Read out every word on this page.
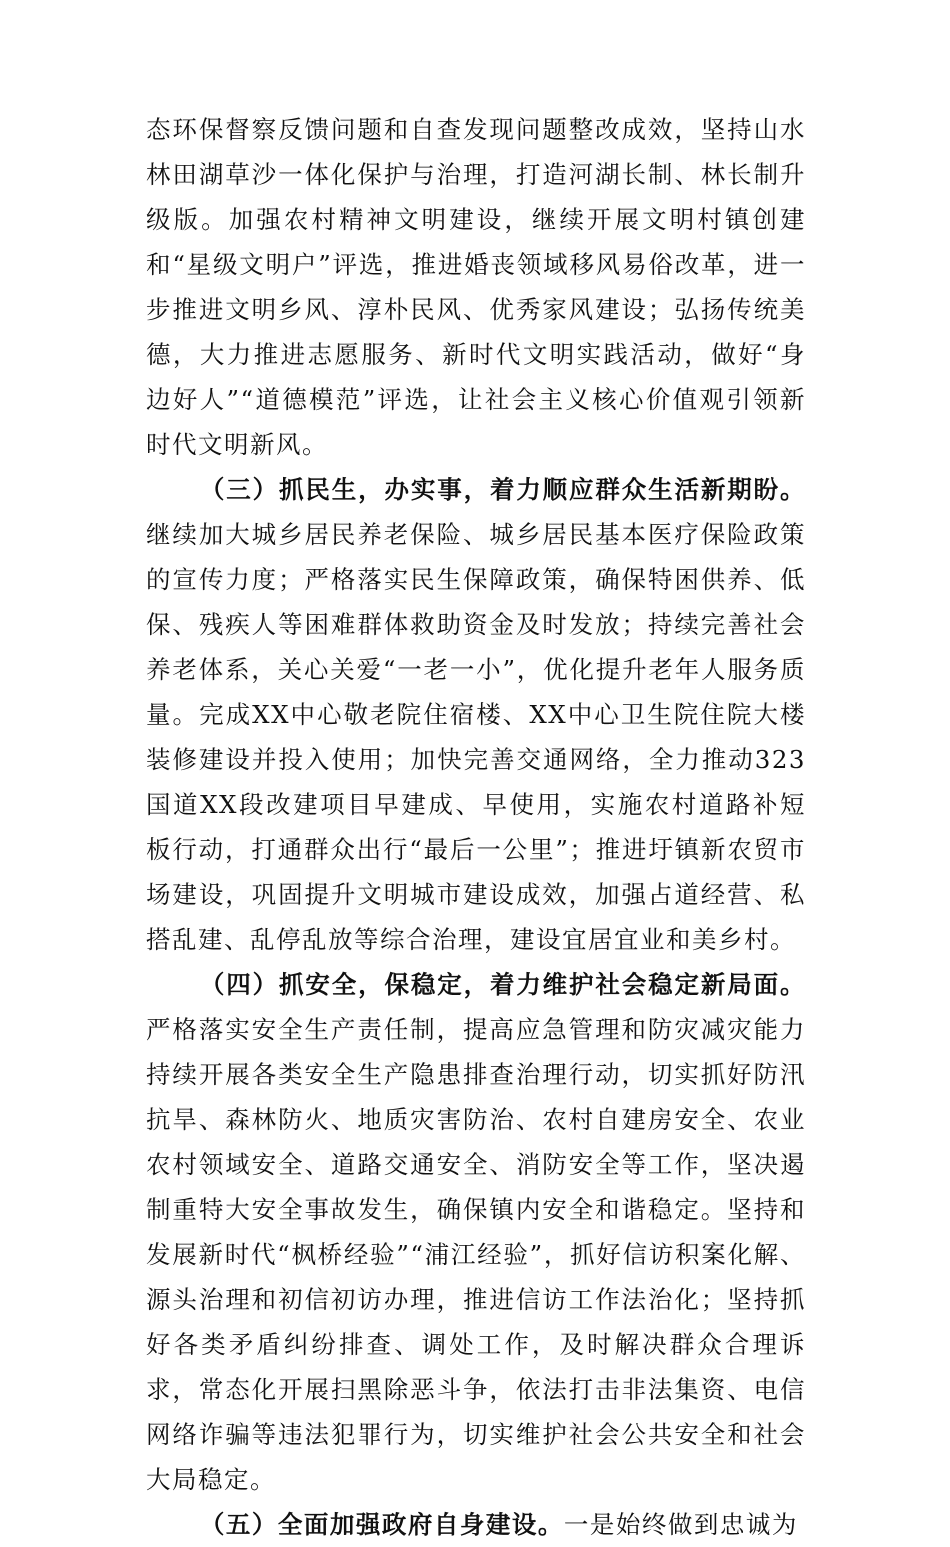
态环保督察反馈问题和自查发现问题整改成效，坚持山水林田湖草沙一体化保护与治理，打造河湖长制、林长制升级版。加强农村精神文明建设，继续开展文明村镇创建和“星级文明户”评选，推进婚丧领域移风易俗改革，进一步推进文明乡风、淳朴民风、优秀家风建设；弘扬传统美德，大力推进志愿服务、新时代文明实践活动，做好“身边好人”“道德模范”评选，让社会主义核心价值观引领新时代文明新风。

（三）抓民生，办实事，着力顺应群众生活新期盼。继续加大城乡居民养老保险、城乡居民基本医疗保险政策的宣传力度；严格落实民生保障政策，确保特困供养、低保、残疾人等困难群体救助资金及时发放；持续完善社会养老体系，关心关爱“一老一小”，优化提升老年人服务质量。完成XX中心敬老院住宿楼、XX中心卫生院住院大楼装修建设并投入使用；加快完善交通网络，全力推动323国道XX段改建项目早建成、早使用，实施农村道路补短板行动，打通群众出行“最后一公里”；推进圩镇新农贸市场建设，巩固提升文明城市建设成效，加强占道经营、私搭乱建、乱停乱放等综合治理，建设宜居宜业和美乡村。

（四）抓安全，保稳定，着力维护社会稳定新局面。严格落实安全生产责任制，提高应急管理和防灾减灾能力持续开展各类安全生产隐患排查治理行动，切实抓好防汛抗旱、森林防火、地质灾害防治、农村自建房安全、农业农村领域安全、道路交通安全、消防安全等工作，坚决遏制重特大安全事故发生，确保镇内安全和谐稳定。坚持和发展新时代“枫桥经验”“浦江经验”，抓好信访积案化解、源头治理和初信初访办理，推进信访工作法治化；坚持抓好各类矛盾纠纷排查、调处工作，及时解决群众合理诉求，常态化开展扫黑除恶斗争，依法打击非法集资、电信网络诈骗等违法犯罪行为，切实维护社会公共安全和社会大局稳定。

（五）全面加强政府自身建设。一是始终做到忠诚为
